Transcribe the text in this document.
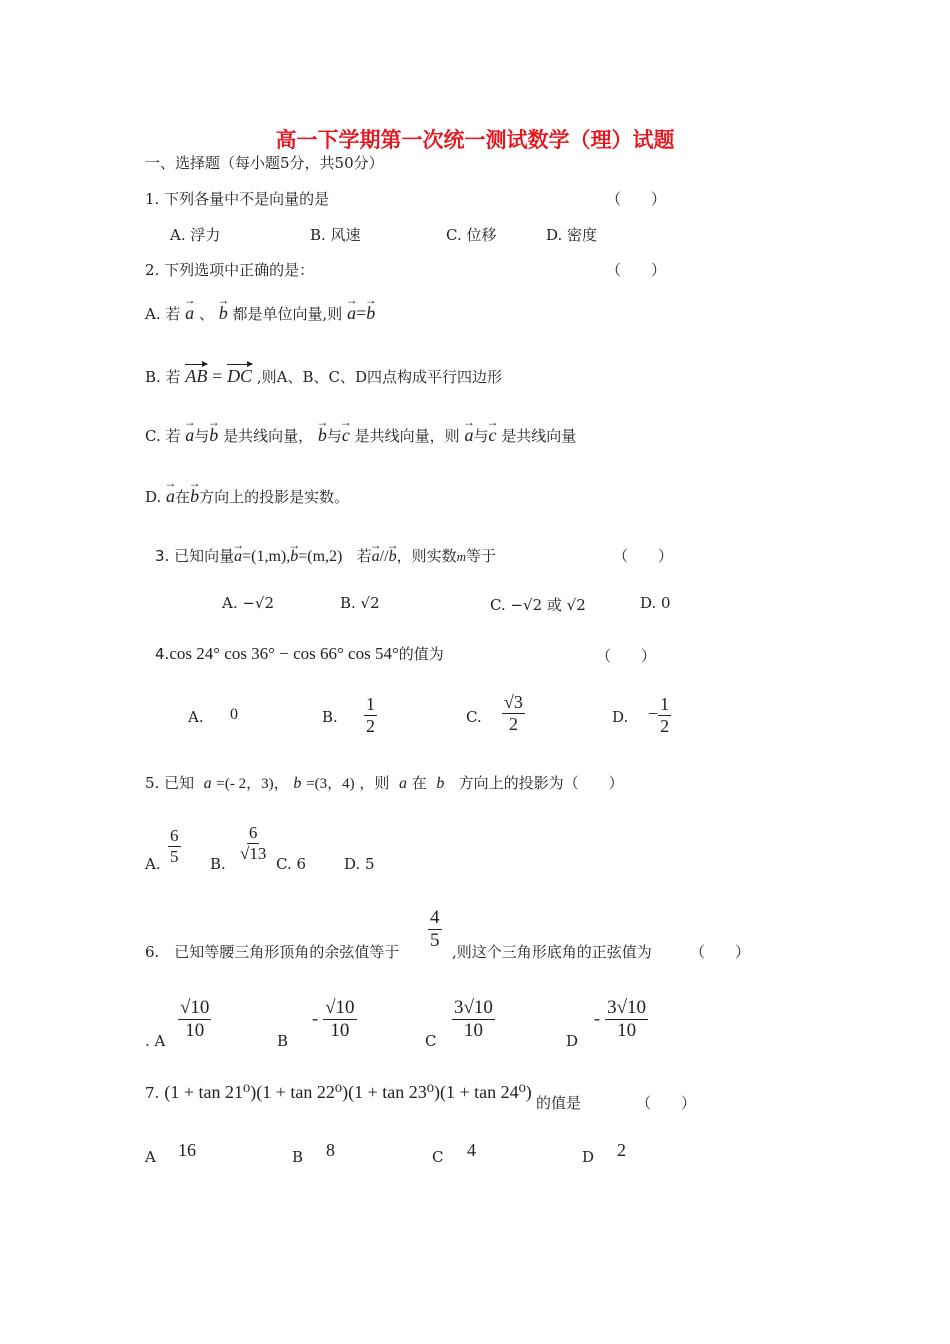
高一下学期第一次统一测试数学（理）试题
一、选择题（每小题5分，共50分）
1. 下列各量中不是向量的是	（　　）
A. 浮力	B. 风速	C. 位移	D. 密度
2. 下列选项中正确的是：	（　　）
A. 若
→
a 、
→
b 都是单位向量,则
→
a=
→
b
B. 若 AB = DC ,则A、B、C、D四点构成平行四边形
C. 若
→
a与
→
b 是共线向量，
→
b与
→
c 是共线向量，则
→
a与
→
c 是共线向量
D.
→
a在
→
b方向上的投影是实数。
3. 已知向量
→
a=(1,m),
→
b=(m,2) 若
→
a//
→
b，则实数m等于	（　　）
A. −√2	B. √2	C. −√2 或 √2	D. 0
4.cos 24° cos 36° − cos 66° cos 54°的值为	（　　）
A. 0	B. $\frac{1}{2}$	C. $\frac{√3}{2}$	D. − $\frac{1}{2}$
5. 已知 a =(- 2，3)， b =(3，4) ，则 a 在 b 方向上的投影为（　　）
A. $\frac{6}{5} B$.
$\frac{6}{√13}$
C. 6	D. 5
6.　已知等腰三角形顶角的余弦值等于
$\frac{4}{5}$
,则这个三角形底角的正弦值为	（　　）
. A $\frac{√10}{10}$	B
- $\frac{√10}{10}$	C $\frac{3√10}{10}$	D
- $\frac{3√10}{10}$
7. (1 + tan 21⁰)(1 + tan 22⁰)(1 + tan 23⁰)(1 + tan 24⁰)
的值是	（　　）
A 16	B 8	C 4	D 2
